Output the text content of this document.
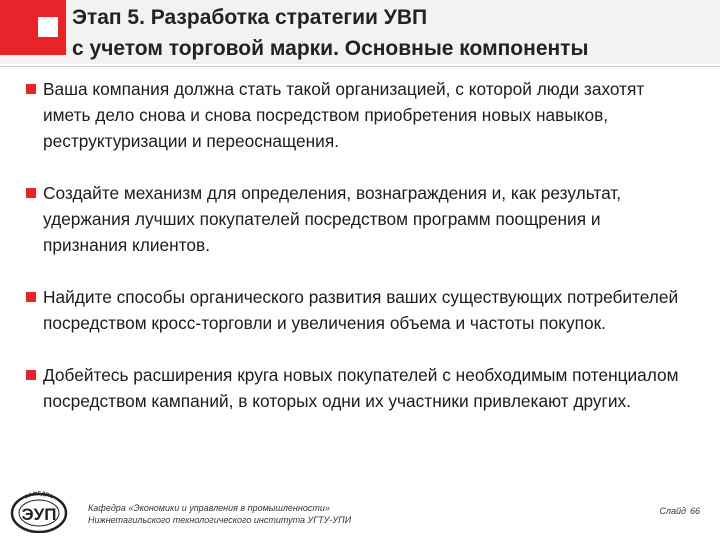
Этап 5. Разработка стратегии УВП
с учетом торговой марки. Основные компоненты
Ваша компания должна стать такой организацией, с которой люди захотят иметь дело снова и снова посредством приобретения новых навыков, реструктуризации и переоснащения.
Создайте механизм для определения, вознаграждения и, как результат, удержания лучших покупателей посредством программ поощрения и признания клиентов.
Найдите способы органического развития ваших существующих потребителей посредством кросс-торговли и увеличения объема и частоты покупок.
Добейтесь расширения круга новых покупателей с необходимым потенциалом посредством кампаний, в которых одни их участники привлекают других.
КАФЕДРА
ЭУП	Кафедра «Экономики и управления в промышленности»
Нижнетагильского технологического института УГТУ-УПИ
Слайд 66
